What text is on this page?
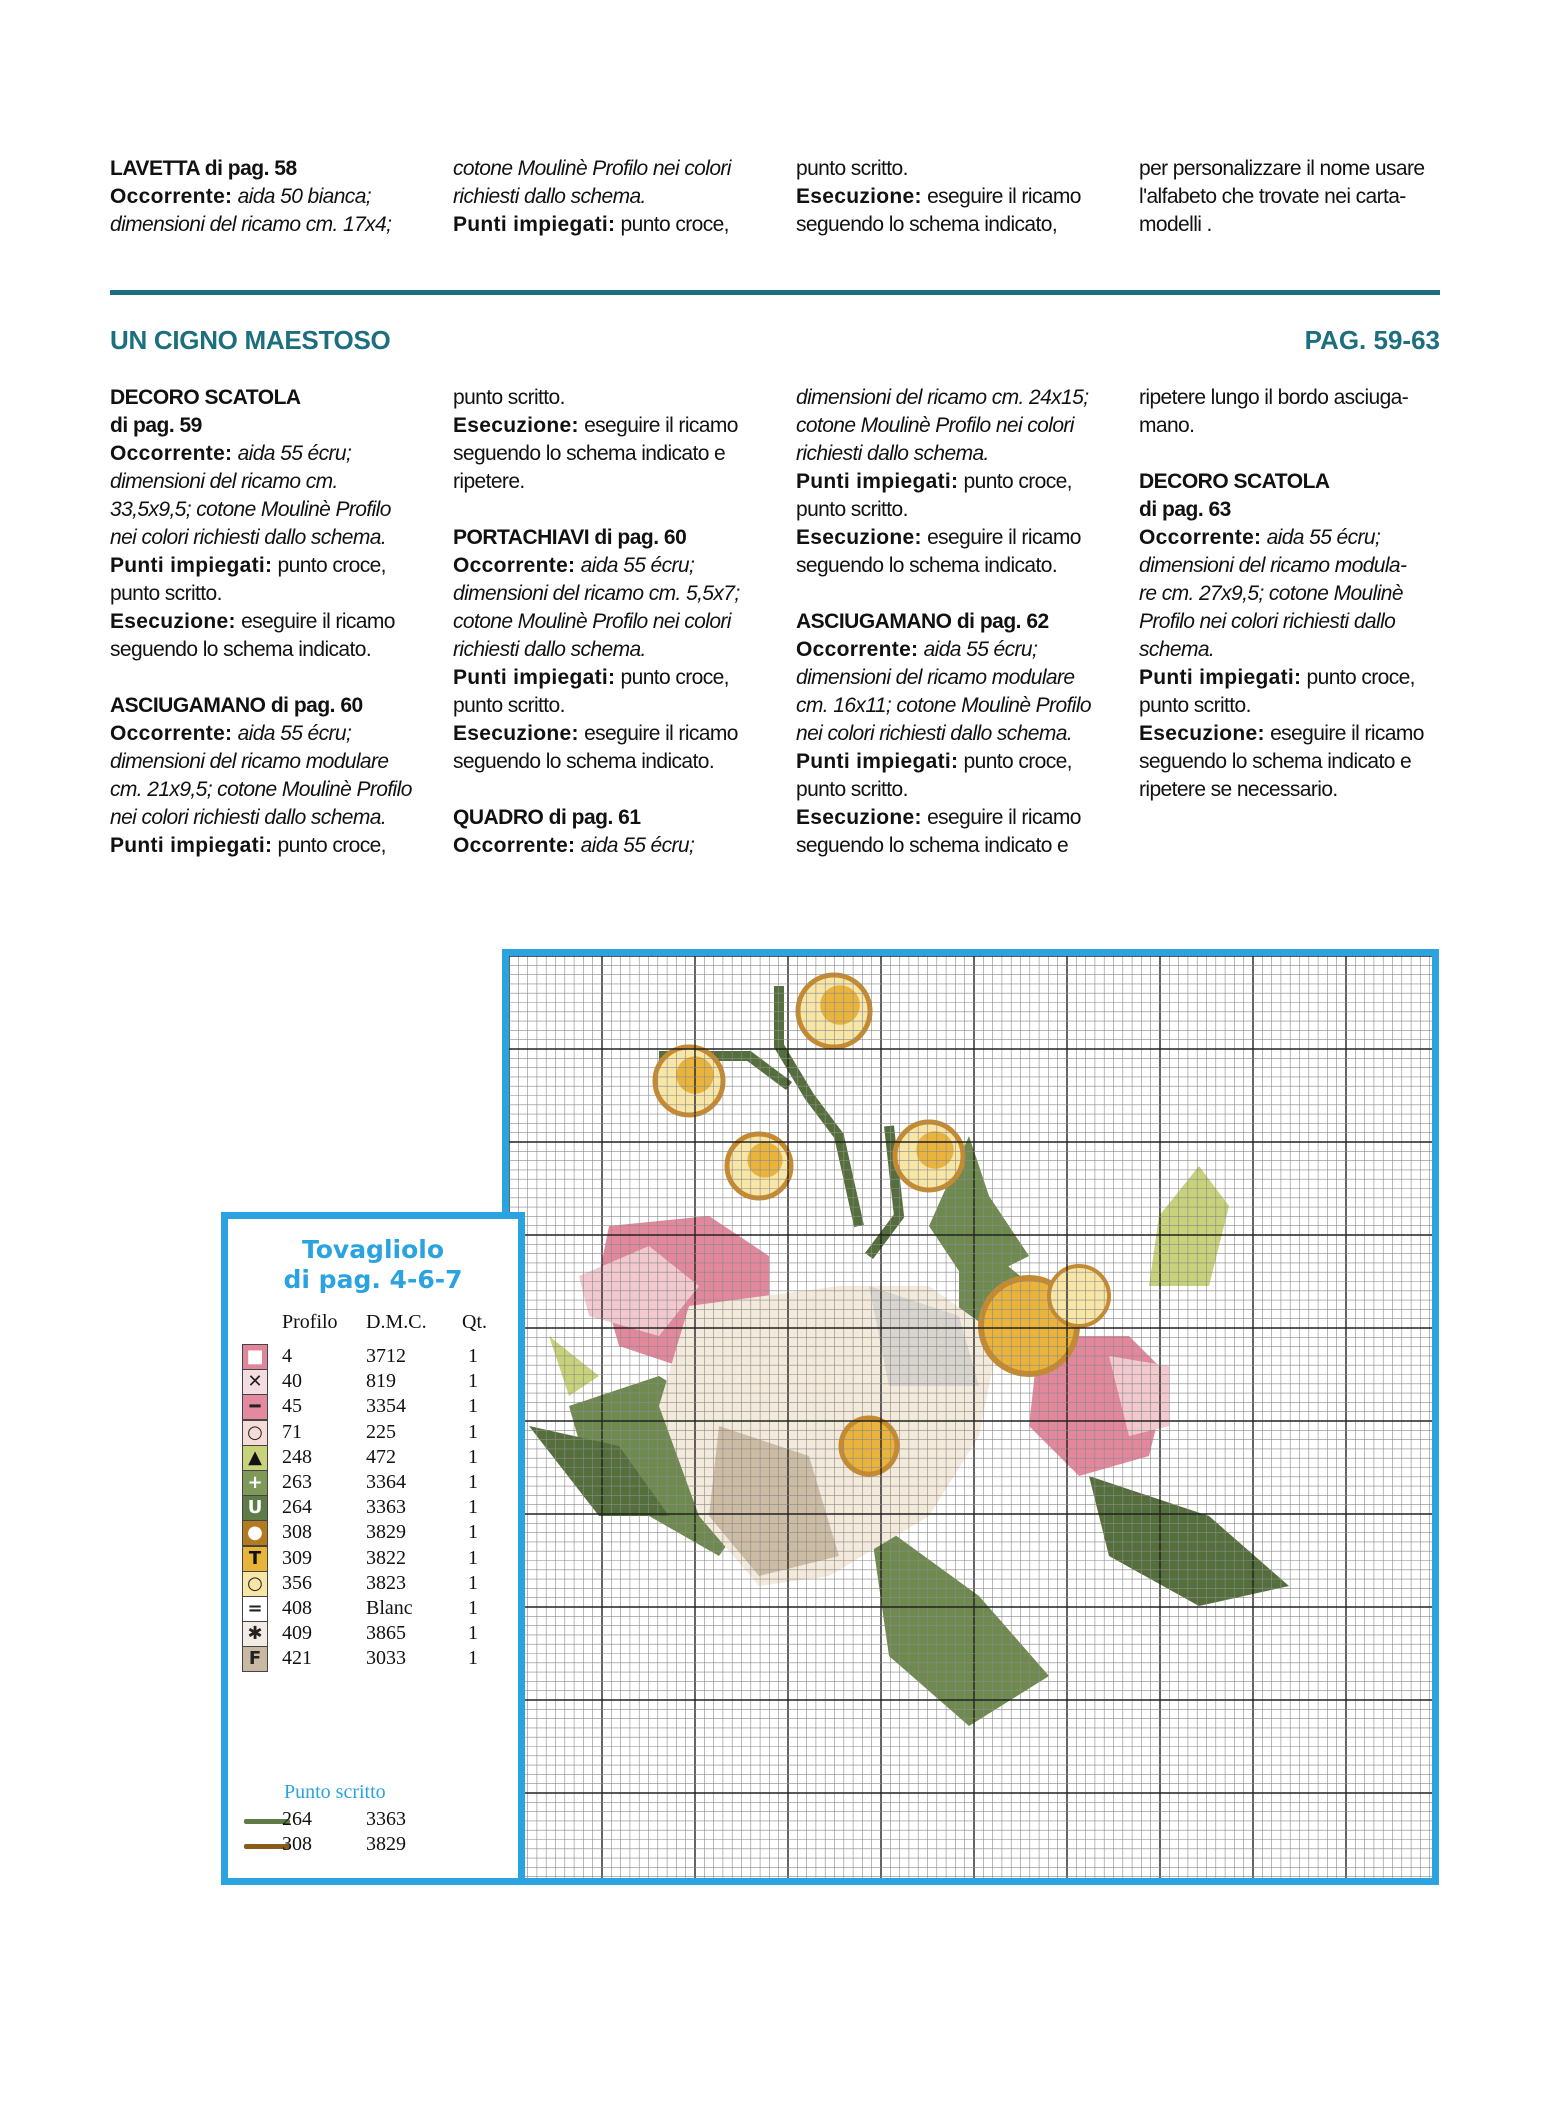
LAVETTA di pag. 58
Occorrente: aida 50 bianca;
dimensioni del ricamo cm. 17x4;
cotone Moulinè Profilo nei colori
richiesti dallo schema.
Punti impiegati: punto croce,
punto scritto.
Esecuzione: eseguire il ricamo
seguendo lo schema indicato,
per personalizzare il nome usare
l'alfabeto che trovate nei carta-
modelli .
UN CIGNO MAESTOSO	PAG. 59-63
DECORO SCATOLA
di pag. 59
Occorrente: aida 55 écru;
dimensioni del ricamo cm.
33,5x9,5; cotone Moulinè Profilo
nei colori richiesti dallo schema.
Punti impiegati: punto croce,
punto scritto.
Esecuzione: eseguire il ricamo
seguendo lo schema indicato.
ASCIUGAMANO di pag. 60
Occorrente: aida 55 écru;
dimensioni del ricamo modulare
cm. 21x9,5; cotone Moulinè Profilo
nei colori richiesti dallo schema.
Punti impiegati: punto croce,
punto scritto.
Esecuzione: eseguire il ricamo
seguendo lo schema indicato e
ripetere.
PORTACHIAVI di pag. 60
Occorrente: aida 55 écru;
dimensioni del ricamo cm. 5,5x7;
cotone Moulinè Profilo nei colori
richiesti dallo schema.
Punti impiegati: punto croce,
punto scritto.
Esecuzione: eseguire il ricamo
seguendo lo schema indicato.
QUADRO di pag. 61
Occorrente: aida 55 écru;
dimensioni del ricamo cm. 24x15;
cotone Moulinè Profilo nei colori
richiesti dallo schema.
Punti impiegati: punto croce,
punto scritto.
Esecuzione: eseguire il ricamo
seguendo lo schema indicato.
ASCIUGAMANO di pag. 62
Occorrente: aida 55 écru;
dimensioni del ricamo modulare
cm. 16x11; cotone Moulinè Profilo
nei colori richiesti dallo schema.
Punti impiegati: punto croce,
punto scritto.
Esecuzione: eseguire il ricamo
seguendo lo schema indicato e
ripetere lungo il bordo asciuga-
mano.
DECORO SCATOLA
di pag. 63
Occorrente: aida 55 écru;
dimensioni del ricamo modula-
re cm. 27x9,5; cotone Moulinè
Profilo nei colori richiesti dallo
schema.
Punti impiegati: punto croce,
punto scritto.
Esecuzione: eseguire il ricamo
seguendo lo schema indicato e
ripetere se necessario.
Tovagliolo
di pag. 4-6-7
Profilo D.M.C. Qt.
■ 4	3712	1
✕ 40	819	1
━	45	3354	1
○ 71	225	1
▲	248	472	1
+ 263	3364	1
U 264	3363	1
● 308	3829	1
T	309	3822	1
○ 356	3823	1
= 408	Blanc	1
✱ 409	3865	1
F	421	3033	1
Punto scritto
264	3363
308	3829
